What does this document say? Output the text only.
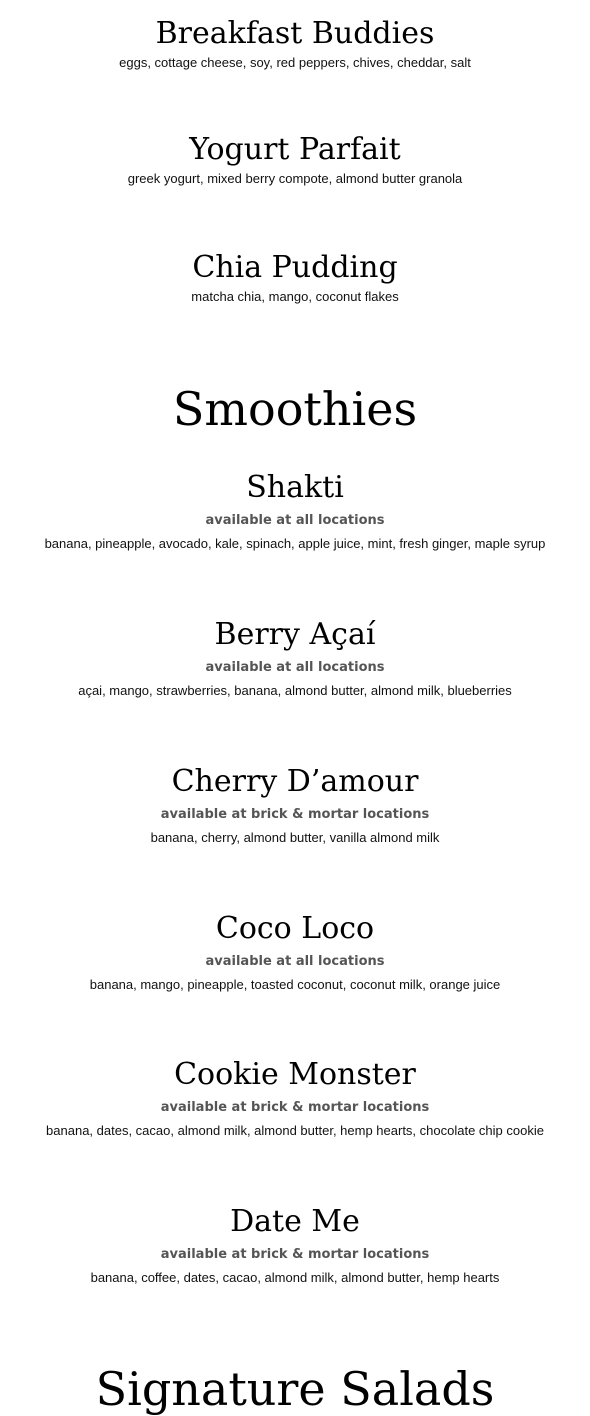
Breakfast Buddies
eggs, cottage cheese, soy, red peppers, chives, cheddar, salt
Yogurt Parfait
greek yogurt, mixed berry compote, almond butter granola
Chia Pudding
matcha chia, mango, coconut flakes
Smoothies
Shakti
available at all locations
banana, pineapple, avocado, kale, spinach, apple juice, mint, fresh ginger, maple syrup
Berry Açaí
available at all locations
açai, mango, strawberries, banana, almond butter, almond milk, blueberries
Cherry D’amour
available at brick & mortar locations
banana, cherry, almond butter, vanilla almond milk
Coco Loco
available at all locations
banana, mango, pineapple, toasted coconut, coconut milk, orange juice
Cookie Monster
available at brick & mortar locations
banana, dates, cacao, almond milk, almond butter, hemp hearts, chocolate chip cookie
Date Me
available at brick & mortar locations
banana, coffee, dates, cacao, almond milk, almond butter, hemp hearts
Signature Salads
